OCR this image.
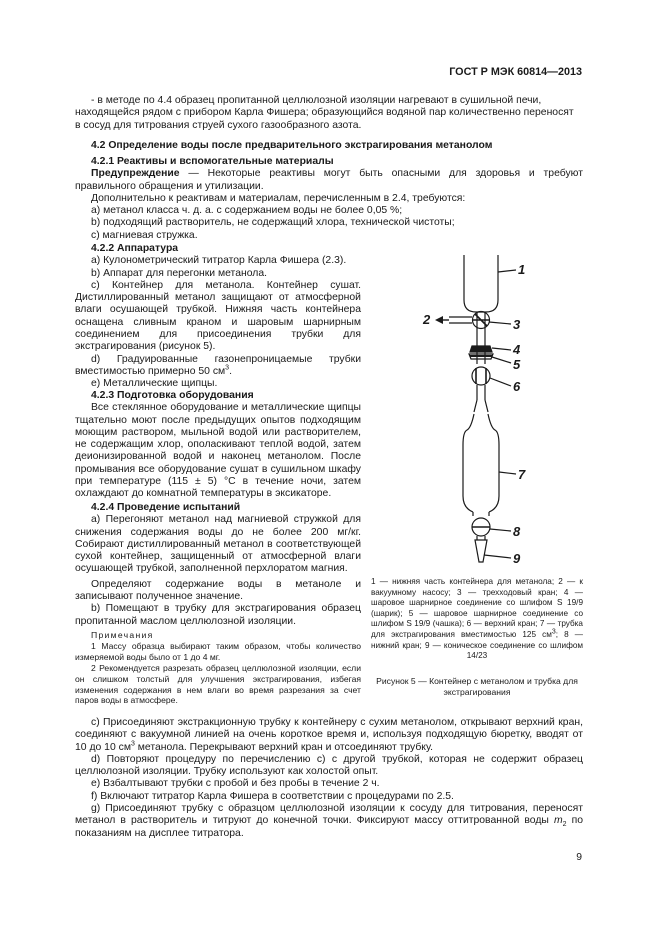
ГОСТ Р МЭК 60814—2013

- в методе по 4.4 образец пропитанной целлюлозной изоляции нагревают в сушильной печи,

находящейся рядом с прибором Карла Фишера; образующийся водяной пар количественно переносят

в сосуд для титрования струей сухого газообразного азота.

4.2 Определение воды после предварительного экстрагирования метанолом

4.2.1 Реактивы и вспомогательные материалы

Предупреждение — Некоторые реактивы могут быть опасными для здоровья и требуют правильного обращения и утилизации.

Дополнительно к реактивам и материалам, перечисленным в 2.4, требуются:

a) метанол класса ч. д. а. с содержанием воды не более 0,05 %;

b) подходящий растворитель, не содержащий хлора, технической чистоты;

c) магниевая стружка.

4.2.2 Аппаратура

a) Кулонометрический титратор Карла Фишера (2.3).

b) Аппарат для перегонки метанола.

c) Контейнер для метанола. Контейнер сушат. Дистиллированный метанол защищают от атмосферной влаги осушающей трубкой. Нижняя часть контейнера оснащена сливным краном и шаровым шарнирным соединением для присоединения трубки для экстрагирования (рисунок 5).

d) Градуированные газонепроницаемые трубки вместимостью примерно 50 $см^3$.

e) Металлические щипцы.

4.2.3 Подготовка оборудования

Все стеклянное оборудование и металлические щипцы тщательно моют после предыдущих опытов подходящим моющим раствором, мыльной водой или растворителем, не содержащим хлор, ополаскивают теплой водой, затем деионизированной водой и наконец метанолом. После промывания все оборудование сушат в сушильном шкафу при температуре (115 ± 5) °C в течение ночи, затем охлаждают до комнатной температуры в эксикаторе.

4.2.4 Проведение испытаний

a) Перегоняют метанол над магниевой стружкой для снижения содержания воды до не более 200 мг/кг. Собирают дистиллированный метанол в соответствующей сухой контейнер, защищенный от атмосферной влаги осушающей трубкой, заполненной перхлоратом магния.

Определяют содержание воды в метаноле и записывают полученное значение.

b) Помещают в трубку для экстрагирования образец пропитанной маслом целлюлозной изоляции.

Примечания

1 Массу образца выбирают таким образом, чтобы количество измеряемой воды было от 1 до 4 мг.

2 Рекомендуется разрезать образец целлюлозной изоляции, если он слишком толстый для улучшения экстрагирования, избегая изменения содержания в нем влаги во время разрезания за счет паров воды в атмосфере.

1
2	3
4
5
6
7
8
9
1 — нижняя часть контейнера для метанола; 2 — к вакуумному насосу; 3 — трехходовый кран; 4 — шаровое шарнирное соединение со шлифом S 19/9 (шарик); 5 — шаровое шарнирное соединение со шлифом S 19/9 (чашка); 6 — верхний кран; 7 — трубка для экстрагирования вместимостью 125 $см^3$; 8 — нижний кран; 9 — коническое соединение со шлифом 14/23
Рисунок 5 — Контейнер с метанолом и трубка для экстрагирования

c) Присоединяют экстракционную трубку к контейнеру с сухим метанолом, открывают верхний кран, соединяют с вакуумной линией на очень короткое время и, используя подходящую бюретку, вводят от 10 до 10 $см^3$ метанола. Перекрывают верхний кран и отсоединяют трубку.

d) Повторяют процедуру по перечислению c) с другой трубкой, которая не содержит образец целлюлозной изоляции. Трубку используют как холостой опыт.

e) Взбалтывают трубки с пробой и без пробы в течение 2 ч.

f) Включают титратор Карла Фишера в соответствии с процедурами по 2.5.

g) Присоединяют трубку с образцом целлюлозной изоляции к сосуду для титрования, переносят метанол в растворитель и титруют до конечной точки. Фиксируют массу оттитрованной воды $m_2$ по показаниям на дисплее титратора.

9
